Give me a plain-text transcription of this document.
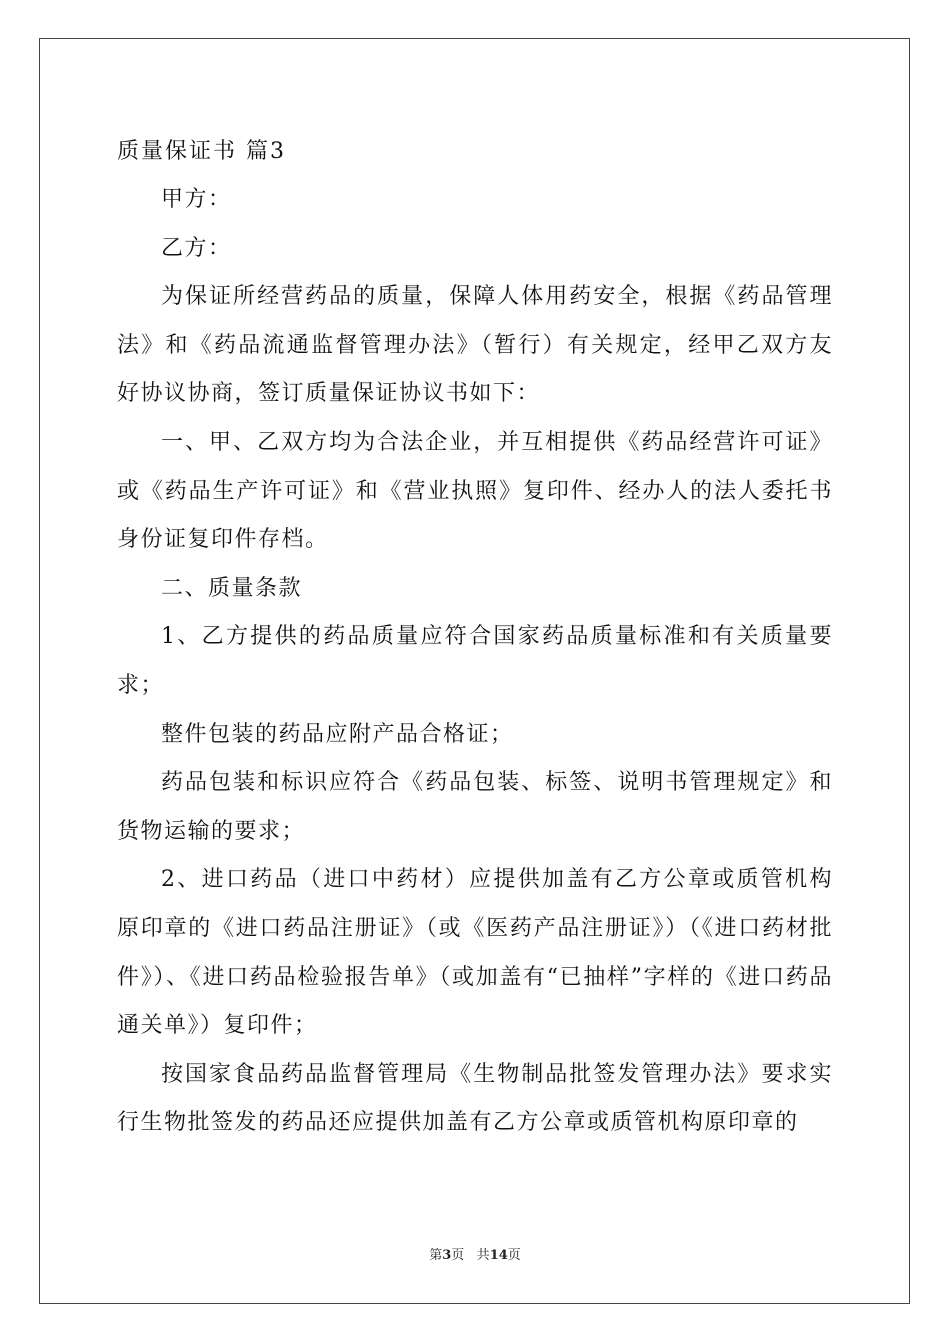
质量保证书 篇3

甲方：

乙方：

为保证所经营药品的质量，保障人体用药安全，根据《药品管理法》和《药品流通监督管理办法》（暂行）有关规定，经甲乙双方友好协议协商，签订质量保证协议书如下：

一、甲、乙双方均为合法企业，并互相提供《药品经营许可证》或《药品生产许可证》和《营业执照》复印件、经办人的法人委托书身份证复印件存档。

二、质量条款

1、乙方提供的药品质量应符合国家药品质量标准和有关质量要求；

整件包装的药品应附产品合格证；

药品包装和标识应符合《药品包装、标签、说明书管理规定》和货物运输的要求；

2、进口药品（进口中药材）应提供加盖有乙方公章或质管机构原印章的《进口药品注册证》（或《医药产品注册证》）（《进口药材批件》）、《进口药品检验报告单》（或加盖有“已抽样”字样的《进口药品通关单》）复印件；

按国家食品药品监督管理局《生物制品批签发管理办法》要求实行生物批签发的药品还应提供加盖有乙方公章或质管机构原印章的

第3页 共14页
